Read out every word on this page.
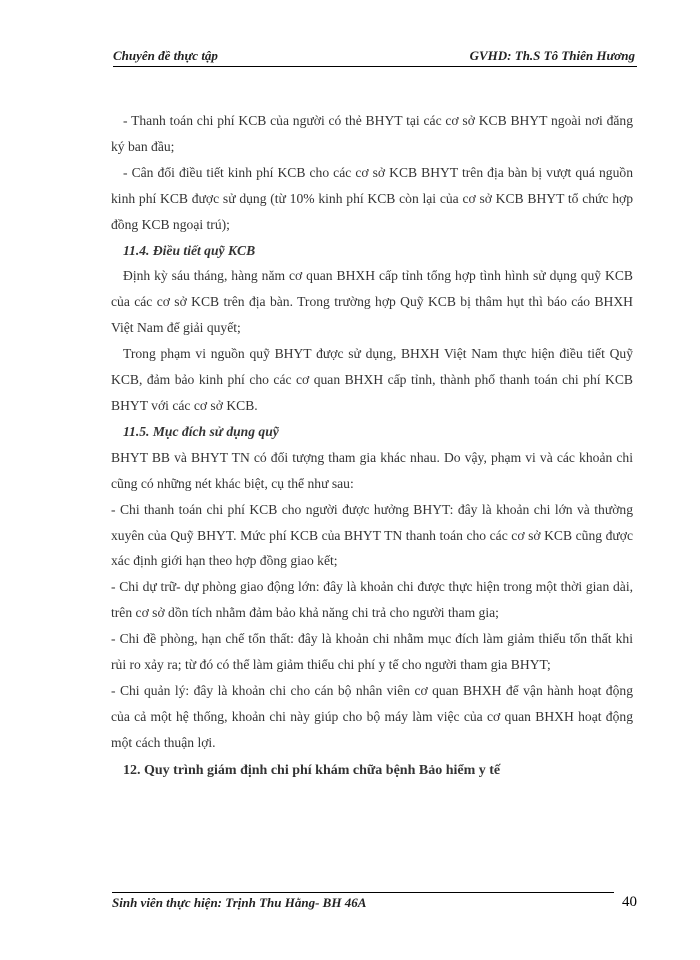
Chuyên đề thực tập	GVHD: Th.S Tô Thiên Hương

- Thanh toán chi phí KCB của người có thẻ BHYT tại các cơ sở KCB BHYT ngoài nơi đăng ký ban đầu;

- Cân đối điều tiết kinh phí KCB cho các cơ sở KCB BHYT trên địa bàn bị vượt quá nguồn kinh phí KCB được sử dụng (từ 10% kinh phí KCB còn lại của cơ sở KCB BHYT tổ chức hợp đồng KCB ngoại trú);

11.4. Điều tiết quỹ KCB

Định kỳ sáu tháng, hàng năm cơ quan BHXH cấp tỉnh tổng hợp tình hình sử dụng quỹ KCB của các cơ sở KCB trên địa bàn. Trong trường hợp Quỹ KCB bị thâm hụt thì báo cáo BHXH Việt Nam để giải quyết;

Trong phạm vi nguồn quỹ BHYT được sử dụng, BHXH Việt Nam thực hiện điều tiết Quỹ KCB, đảm bảo kinh phí cho các cơ quan BHXH cấp tỉnh, thành phố thanh toán chi phí KCB BHYT với các cơ sở KCB.

11.5. Mục đích sử dụng quỹ

BHYT BB và BHYT TN có đối tượng tham gia khác nhau. Do vậy, phạm vi và các khoản chi cũng có những nét khác biệt, cụ thể như sau:

- Chi thanh toán chi phí KCB cho người được hưởng BHYT: đây là khoản chi lớn và thường xuyên của Quỹ BHYT. Mức phí KCB của BHYT TN thanh toán cho các cơ sở KCB cũng được xác định giới hạn theo hợp đồng giao kết;

- Chi dự trữ- dự phòng giao động lớn: đây là khoản chi được thực hiện trong một thời gian dài, trên cơ sở dồn tích nhằm đảm bảo khả năng chi trả cho người tham gia;

- Chi đề phòng, hạn chế tổn thất: đây là khoản chi nhằm mục đích làm giảm thiểu tổn thất khi rủi ro xảy ra; từ đó có thể làm giảm thiểu chi phí y tế cho người tham gia BHYT;

- Chi quản lý: đây là khoản chi cho cán bộ nhân viên cơ quan BHXH để vận hành hoạt động của cả một hệ thống, khoản chi này giúp cho bộ máy làm việc của cơ quan BHXH hoạt động một cách thuận lợi.

12. Quy trình giám định chi phí khám chữa bệnh Bảo hiểm y tế

Sinh viên thực hiện: Trịnh Thu Hằng- BH 46A	40
